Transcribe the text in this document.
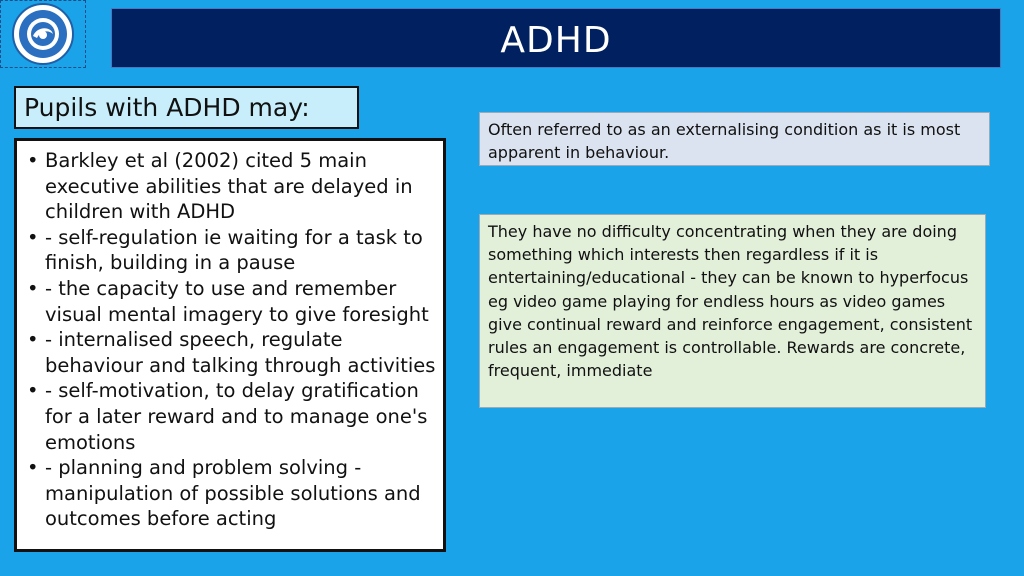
ADHD
Pupils with ADHD may:
• Barkley et al (2002) cited 5 main executive abilities that are delayed in children with ADHD
• - self-regulation ie waiting for a task to finish, building in a pause
• - the capacity to use and remember visual mental imagery to give foresight
• - internalised speech, regulate behaviour and talking through activities
• - self-motivation, to delay gratification for a later reward and to manage one's emotions
• - planning and problem solving - manipulation of possible solutions and outcomes before acting
Often referred to as an externalising condition as it is most apparent in behaviour.
They have no difficulty concentrating when they are doing something which interests then regardless if it is entertaining/educational - they can be known to hyperfocus eg video game playing for endless hours as video games give continual reward and reinforce engagement, consistent rules an engagement is controllable. Rewards are concrete, frequent, immediate
